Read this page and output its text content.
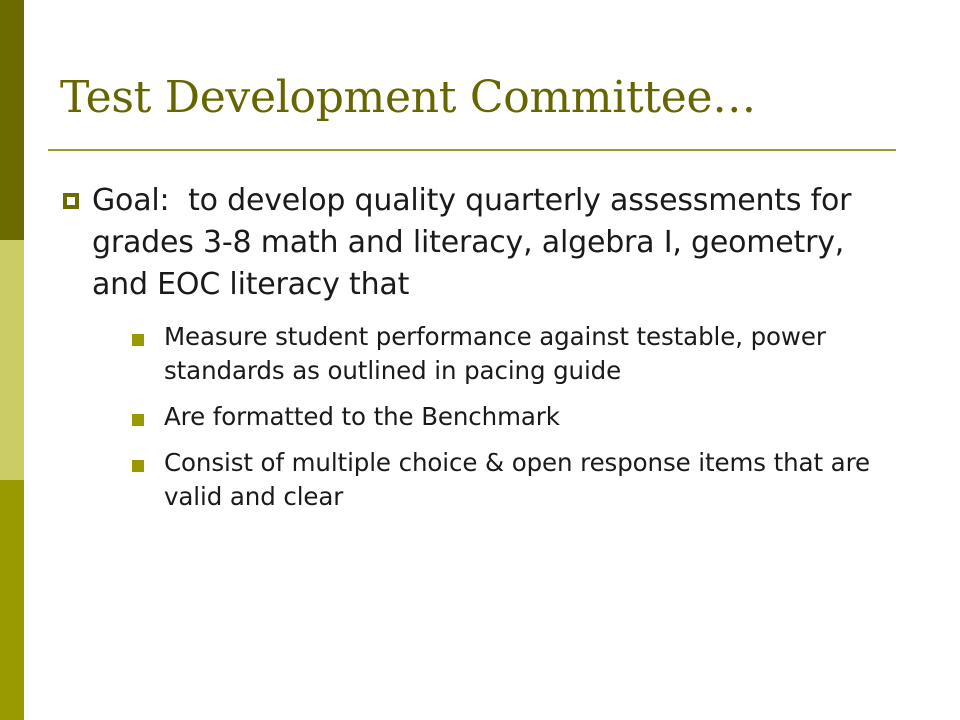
Test Development Committee…
Goal:  to develop quality quarterly assessments for grades 3-8 math and literacy, algebra I, geometry, and EOC literacy that
Measure student performance against testable, power standards as outlined in pacing guide
Are formatted to the Benchmark
Consist of multiple choice & open response items that are valid and clear
